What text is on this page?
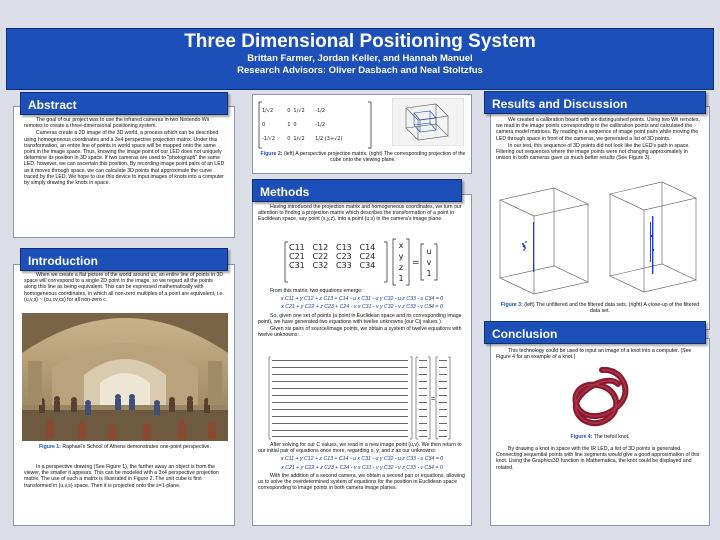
Three Dimensional Positioning System
Brittan Farmer, Jordan Keller, and Hannah Manuel
Research Advisors: Oliver Dasbach and Neal Stoltzfus
Abstract

The goal of our project was to use the infrared cameras in two Nintendo Wii remotes to create a three-dimensional positioning system.

Cameras create a 2D image of the 3D world, a process which can be described using homogeneous coordinates and a 3x4 perspective projection matrix. Under this transformation, an entire line of points in world space will be mapped onto the same point in the image space. Thus, knowing the image point of our LED does not uniquely determine its position in 3D space. If two cameras are used to "photograph" the same LED, however, we can ascertain this position. By recording image point pairs of an LED as it moves through space, we can calculate 3D points that approximate the curve traced by the LED. We hope to use this device to input images of knots into a computer by simply drawing the knots in space.

Introduction

When we create a flat picture of the world around us, an entire line of points in 3D space will correspond to a single 2D point in the image, so we regard all the points along this line as being equivalent. This can be expressed mathematically with homogeneous coordinates, in which all non-zero multiples of a point are equivalent, i.e. (u,v,s) ~ (cu,cv,cs) for all non-zero c.

Figure 1: Raphael's School of Athens demonstrates one-point perspective.

In a perspective drawing (See Figure 1), the farther away an object is from the viewer, the smaller it appears. This can be modeled with a 3x4 perspective projection matrix. The use of such a matrix is illustrated in Figure 2. The unit cube is first transformed in (u,v,s) space. Then it is projected onto the s=1-plane.

1/√2	0	1/√2	-1/2
0	1	0	-1/2
-1/√2	0	1/√2	1/2 (3+√2)
Figure 2: (left) A perspective projection matrix. (right) The corresponding projection of the cube onto the viewing plane.
Methods

Having introduced the projection matrix and homogeneous coordinates, we turn our attention to finding a projection matrix which describes the transformation of a point in Euclidean space, say point (x,y,z), into a point (u,v) in the camera's image plane.

=
C11	C12	C13	C14
C21	C22	C23	C24
C31	C32	C33	C34
x
y
z
1
u
v
1

From this matrix, two equations emerge:

x C11 + y C12 + z C13 + C14 - u x C31 - u y C32 - u z C33 - u C34 = 0
x C21 + y C22 + z C23 + C24 - v x C31 - v y C32 - v z C33 - v C34 = 0

So, given one set of points (a point in Euclidean space and its corresponding image point), we have generated two equations with twelve unknowns (our Cij values ).

Given six pairs of source/image points, we obtain a system of twelve equations with twelve unknowns:

=

After solving for our C values, we read in a new image point (u,v). We then return to our initial pair of equations once more, regarding x, y, and z as our unknowns:

x C11 + y C12 + z C13 + C14 - u x C31 - u y C32 - u z C33 - u C34 = 0
x C21 + y C22 + z C23 + C24 - v x C31 - v y C32 - v z C33 - v C34 = 0

With the addition of a second camera, we obtain a second pair or equations, allowing us to solve the overdetermined system of equations for the position in Euclidean space corresponding to image points in both camera image planes.

Results and Discussion

We created a calibration board with six distinguished points. Using two Wii remotes, we read in the image points corresponding to the calibration points and calculated the camera model matrices. By reading in a sequence of image point pairs while moving the LED through space in front of the cameras, we generated a list of 3D points.

In our test, this sequence of 3D points did not look like the LED's path in space. Filtering out sequences where the image points were not changing approximately in unison in both cameras gave us much better results (See Figure 3).

Figure 3: (left) The unfiltered and the filtered data sets. (right) A close-up of the filtered data set.
Conclusion

This technology could be used to input an image of a knot into a computer. (See Figure 4 for an example of a knot.)

Figure 4: The trefoil knot.

By drawing a knot in space with the IR LED, a list of 3D points is generated. Connecting sequential points with line segments would give a good approximation of this knot. Using the Graphics3D function in Mathematica, the knot could be displayed and rotated.
